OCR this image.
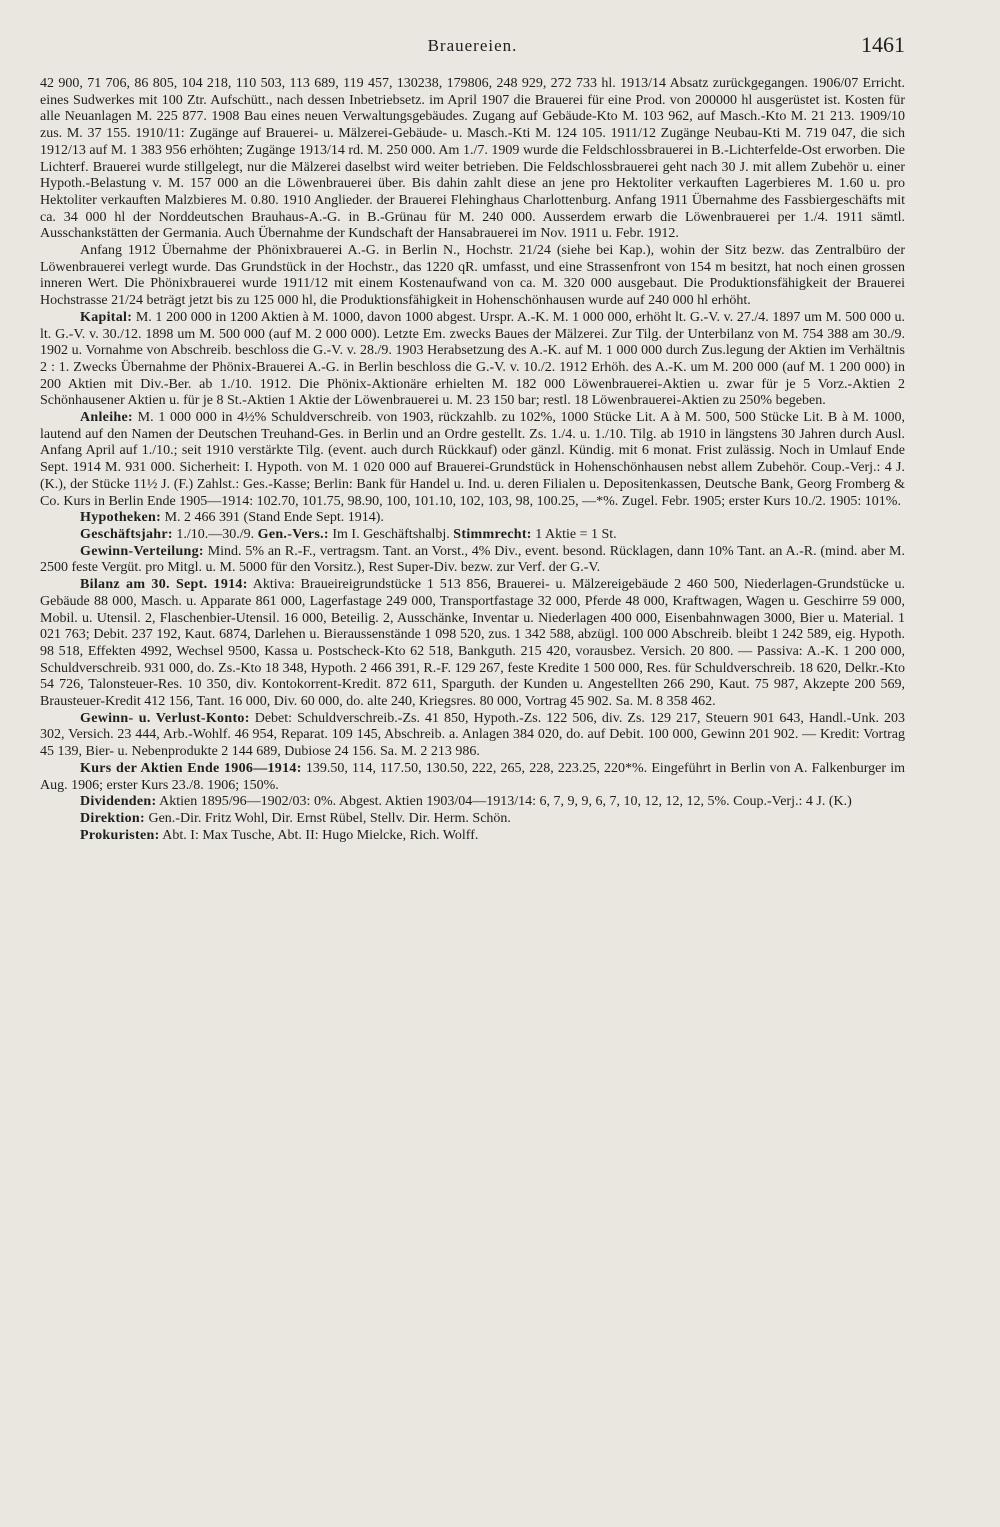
Brauereien.	1461

42 900, 71 706, 86 805, 104 218, 110 503, 113 689, 119 457, 130238, 179806, 248 929, 272 733 hl. 1913/14 Absatz zurückgegangen. 1906/07 Erricht. eines Sudwerkes mit 100 Ztr. Aufschütt., nach dessen Inbetriebsetz. im April 1907 die Brauerei für eine Prod. von 200000 hl ausgerüstet ist. Kosten für alle Neuanlagen M. 225 877. 1908 Bau eines neuen Verwaltungsgebäudes. Zugang auf Gebäude-Kto M. 103 962, auf Masch.-Kto M. 21 213. 1909/10 zus. M. 37 155. 1910/11: Zugänge auf Brauerei- u. Mälzerei-Gebäude- u. Masch.-Kti M. 124 105. 1911/12 Zugänge Neubau-Kti M. 719 047, die sich 1912/13 auf M. 1 383 956 erhöhten; Zugänge 1913/14 rd. M. 250 000. Am 1./7. 1909 wurde die Feldschlossbrauerei in B.-Lichterfelde-Ost erworben. Die Lichterf. Brauerei wurde stillgelegt, nur die Mälzerei daselbst wird weiter betrieben. Die Feldschlossbrauerei geht nach 30 J. mit allem Zubehör u. einer Hypoth.-Belastung v. M. 157 000 an die Löwenbrauerei über. Bis dahin zahlt diese an jene pro Hektoliter verkauften Lagerbieres M. 1.60 u. pro Hektoliter verkauften Malzbieres M. 0.80. 1910 Anglieder. der Brauerei Flehinghaus Charlottenburg. Anfang 1911 Übernahme des Fassbiergeschäfts mit ca. 34 000 hl der Norddeutschen Brauhaus-A.-G. in B.-Grünau für M. 240 000. Ausserdem erwarb die Löwenbrauerei per 1./4. 1911 sämtl. Ausschankstätten der Germania. Auch Übernahme der Kundschaft der Hansabrauerei im Nov. 1911 u. Febr. 1912.

Anfang 1912 Übernahme der Phönixbrauerei A.-G. in Berlin N., Hochstr. 21/24 (siehe bei Kap.), wohin der Sitz bezw. das Zentralbüro der Löwenbrauerei verlegt wurde. Das Grundstück in der Hochstr., das 1220 qR. umfasst, und eine Strassenfront von 154 m besitzt, hat noch einen grossen inneren Wert. Die Phönixbrauerei wurde 1911/12 mit einem Kostenaufwand von ca. M. 320 000 ausgebaut. Die Produktionsfähigkeit der Brauerei Hochstrasse 21/24 beträgt jetzt bis zu 125 000 hl, die Produktionsfähigkeit in Hohenschönhausen wurde auf 240 000 hl erhöht.

Kapital: M. 1 200 000 in 1200 Aktien à M. 1000, davon 1000 abgest. Urspr. A.-K. M. 1 000 000, erhöht lt. G.-V. v. 27./4. 1897 um M. 500 000 u. lt. G.-V. v. 30./12. 1898 um M. 500 000 (auf M. 2 000 000). Letzte Em. zwecks Baues der Mälzerei. Zur Tilg. der Unterbilanz von M. 754 388 am 30./9. 1902 u. Vornahme von Abschreib. beschloss die G.-V. v. 28./9. 1903 Herabsetzung des A.-K. auf M. 1 000 000 durch Zus.legung der Aktien im Verhältnis 2 : 1. Zwecks Übernahme der Phönix-Brauerei A.-G. in Berlin beschloss die G.-V. v. 10./2. 1912 Erhöh. des A.-K. um M. 200 000 (auf M. 1 200 000) in 200 Aktien mit Div.-Ber. ab 1./10. 1912. Die Phönix-Aktionäre erhielten M. 182 000 Löwenbrauerei-Aktien u. zwar für je 5 Vorz.-Aktien 2 Schönhausener Aktien u. für je 8 St.-Aktien 1 Aktie der Löwenbrauerei u. M. 23 150 bar; restl. 18 Löwenbrauerei-Aktien zu 250% begeben.

Anleihe: M. 1 000 000 in 4½% Schuldverschreib. von 1903, rückzahlb. zu 102%, 1000 Stücke Lit. A à M. 500, 500 Stücke Lit. B à M. 1000, lautend auf den Namen der Deutschen Treuhand-Ges. in Berlin und an Ordre gestellt. Zs. 1./4. u. 1./10. Tilg. ab 1910 in längstens 30 Jahren durch Ausl. Anfang April auf 1./10.; seit 1910 verstärkte Tilg. (event. auch durch Rückkauf) oder gänzl. Kündig. mit 6 monat. Frist zulässig. Noch in Umlauf Ende Sept. 1914 M. 931 000. Sicherheit: I. Hypoth. von M. 1 020 000 auf Brauerei-Grundstück in Hohenschönhausen nebst allem Zubehör. Coup.-Verj.: 4 J. (K.), der Stücke 11½ J. (F.) Zahlst.: Ges.-Kasse; Berlin: Bank für Handel u. Ind. u. deren Filialen u. Depositenkassen, Deutsche Bank, Georg Fromberg & Co. Kurs in Berlin Ende 1905—1914: 102.70, 101.75, 98.90, 100, 101.10, 102, 103, 98, 100.25, —*%. Zugel. Febr. 1905; erster Kurs 10./2. 1905: 101%.

Hypotheken: M. 2 466 391 (Stand Ende Sept. 1914).

Geschäftsjahr: 1./10.—30./9. Gen.-Vers.: Im I. Geschäftshalbj. Stimmrecht: 1 Aktie = 1 St.

Gewinn-Verteilung: Mind. 5% an R.-F., vertragsm. Tant. an Vorst., 4% Div., event. besond. Rücklagen, dann 10% Tant. an A.-R. (mind. aber M. 2500 feste Vergüt. pro Mitgl. u. M. 5000 für den Vorsitz.), Rest Super-Div. bezw. zur Verf. der G.-V.

Bilanz am 30. Sept. 1914: Aktiva: Braueireigrundstücke 1 513 856, Brauerei- u. Mälzereigebäude 2 460 500, Niederlagen-Grundstücke u. Gebäude 88 000, Masch. u. Apparate 861 000, Lagerfastage 249 000, Transportfastage 32 000, Pferde 48 000, Kraftwagen, Wagen u. Geschirre 59 000, Mobil. u. Utensil. 2, Flaschenbier-Utensil. 16 000, Beteilig. 2, Ausschänke, Inventar u. Niederlagen 400 000, Eisenbahnwagen 3000, Bier u. Material. 1 021 763; Debit. 237 192, Kaut. 6874, Darlehen u. Bieraussenstände 1 098 520, zus. 1 342 588, abzügl. 100 000 Abschreib. bleibt 1 242 589, eig. Hypoth. 98 518, Effekten 4992, Wechsel 9500, Kassa u. Postscheck-Kto 62 518, Bankguth. 215 420, vorausbez. Versich. 20 800. — Passiva: A.-K. 1 200 000, Schuldverschreib. 931 000, do. Zs.-Kto 18 348, Hypoth. 2 466 391, R.-F. 129 267, feste Kredite 1 500 000, Res. für Schuldverschreib. 18 620, Delkr.-Kto 54 726, Talonsteuer-Res. 10 350, div. Kontokorrent-Kredit. 872 611, Sparguth. der Kunden u. Angestellten 266 290, Kaut. 75 987, Akzepte 200 569, Brausteuer-Kredit 412 156, Tant. 16 000, Div. 60 000, do. alte 240, Kriegsres. 80 000, Vortrag 45 902. Sa. M. 8 358 462.

Gewinn- u. Verlust-Konto: Debet: Schuldverschreib.-Zs. 41 850, Hypoth.-Zs. 122 506, div. Zs. 129 217, Steuern 901 643, Handl.-Unk. 203 302, Versich. 23 444, Arb.-Wohlf. 46 954, Reparat. 109 145, Abschreib. a. Anlagen 384 020, do. auf Debit. 100 000, Gewinn 201 902. — Kredit: Vortrag 45 139, Bier- u. Nebenprodukte 2 144 689, Dubiose 24 156. Sa. M. 2 213 986.

Kurs der Aktien Ende 1906—1914: 139.50, 114, 117.50, 130.50, 222, 265, 228, 223.25, 220*%. Eingeführt in Berlin von A. Falkenburger im Aug. 1906; erster Kurs 23./8. 1906; 150%.

Dividenden: Aktien 1895/96—1902/03: 0%. Abgest. Aktien 1903/04—1913/14: 6, 7, 9, 9, 6, 7, 10, 12, 12, 12, 5%. Coup.-Verj.: 4 J. (K.)

Direktion: Gen.-Dir. Fritz Wohl, Dir. Ernst Rübel, Stellv. Dir. Herm. Schön.

Prokuristen: Abt. I: Max Tusche, Abt. II: Hugo Mielcke, Rich. Wolff.
